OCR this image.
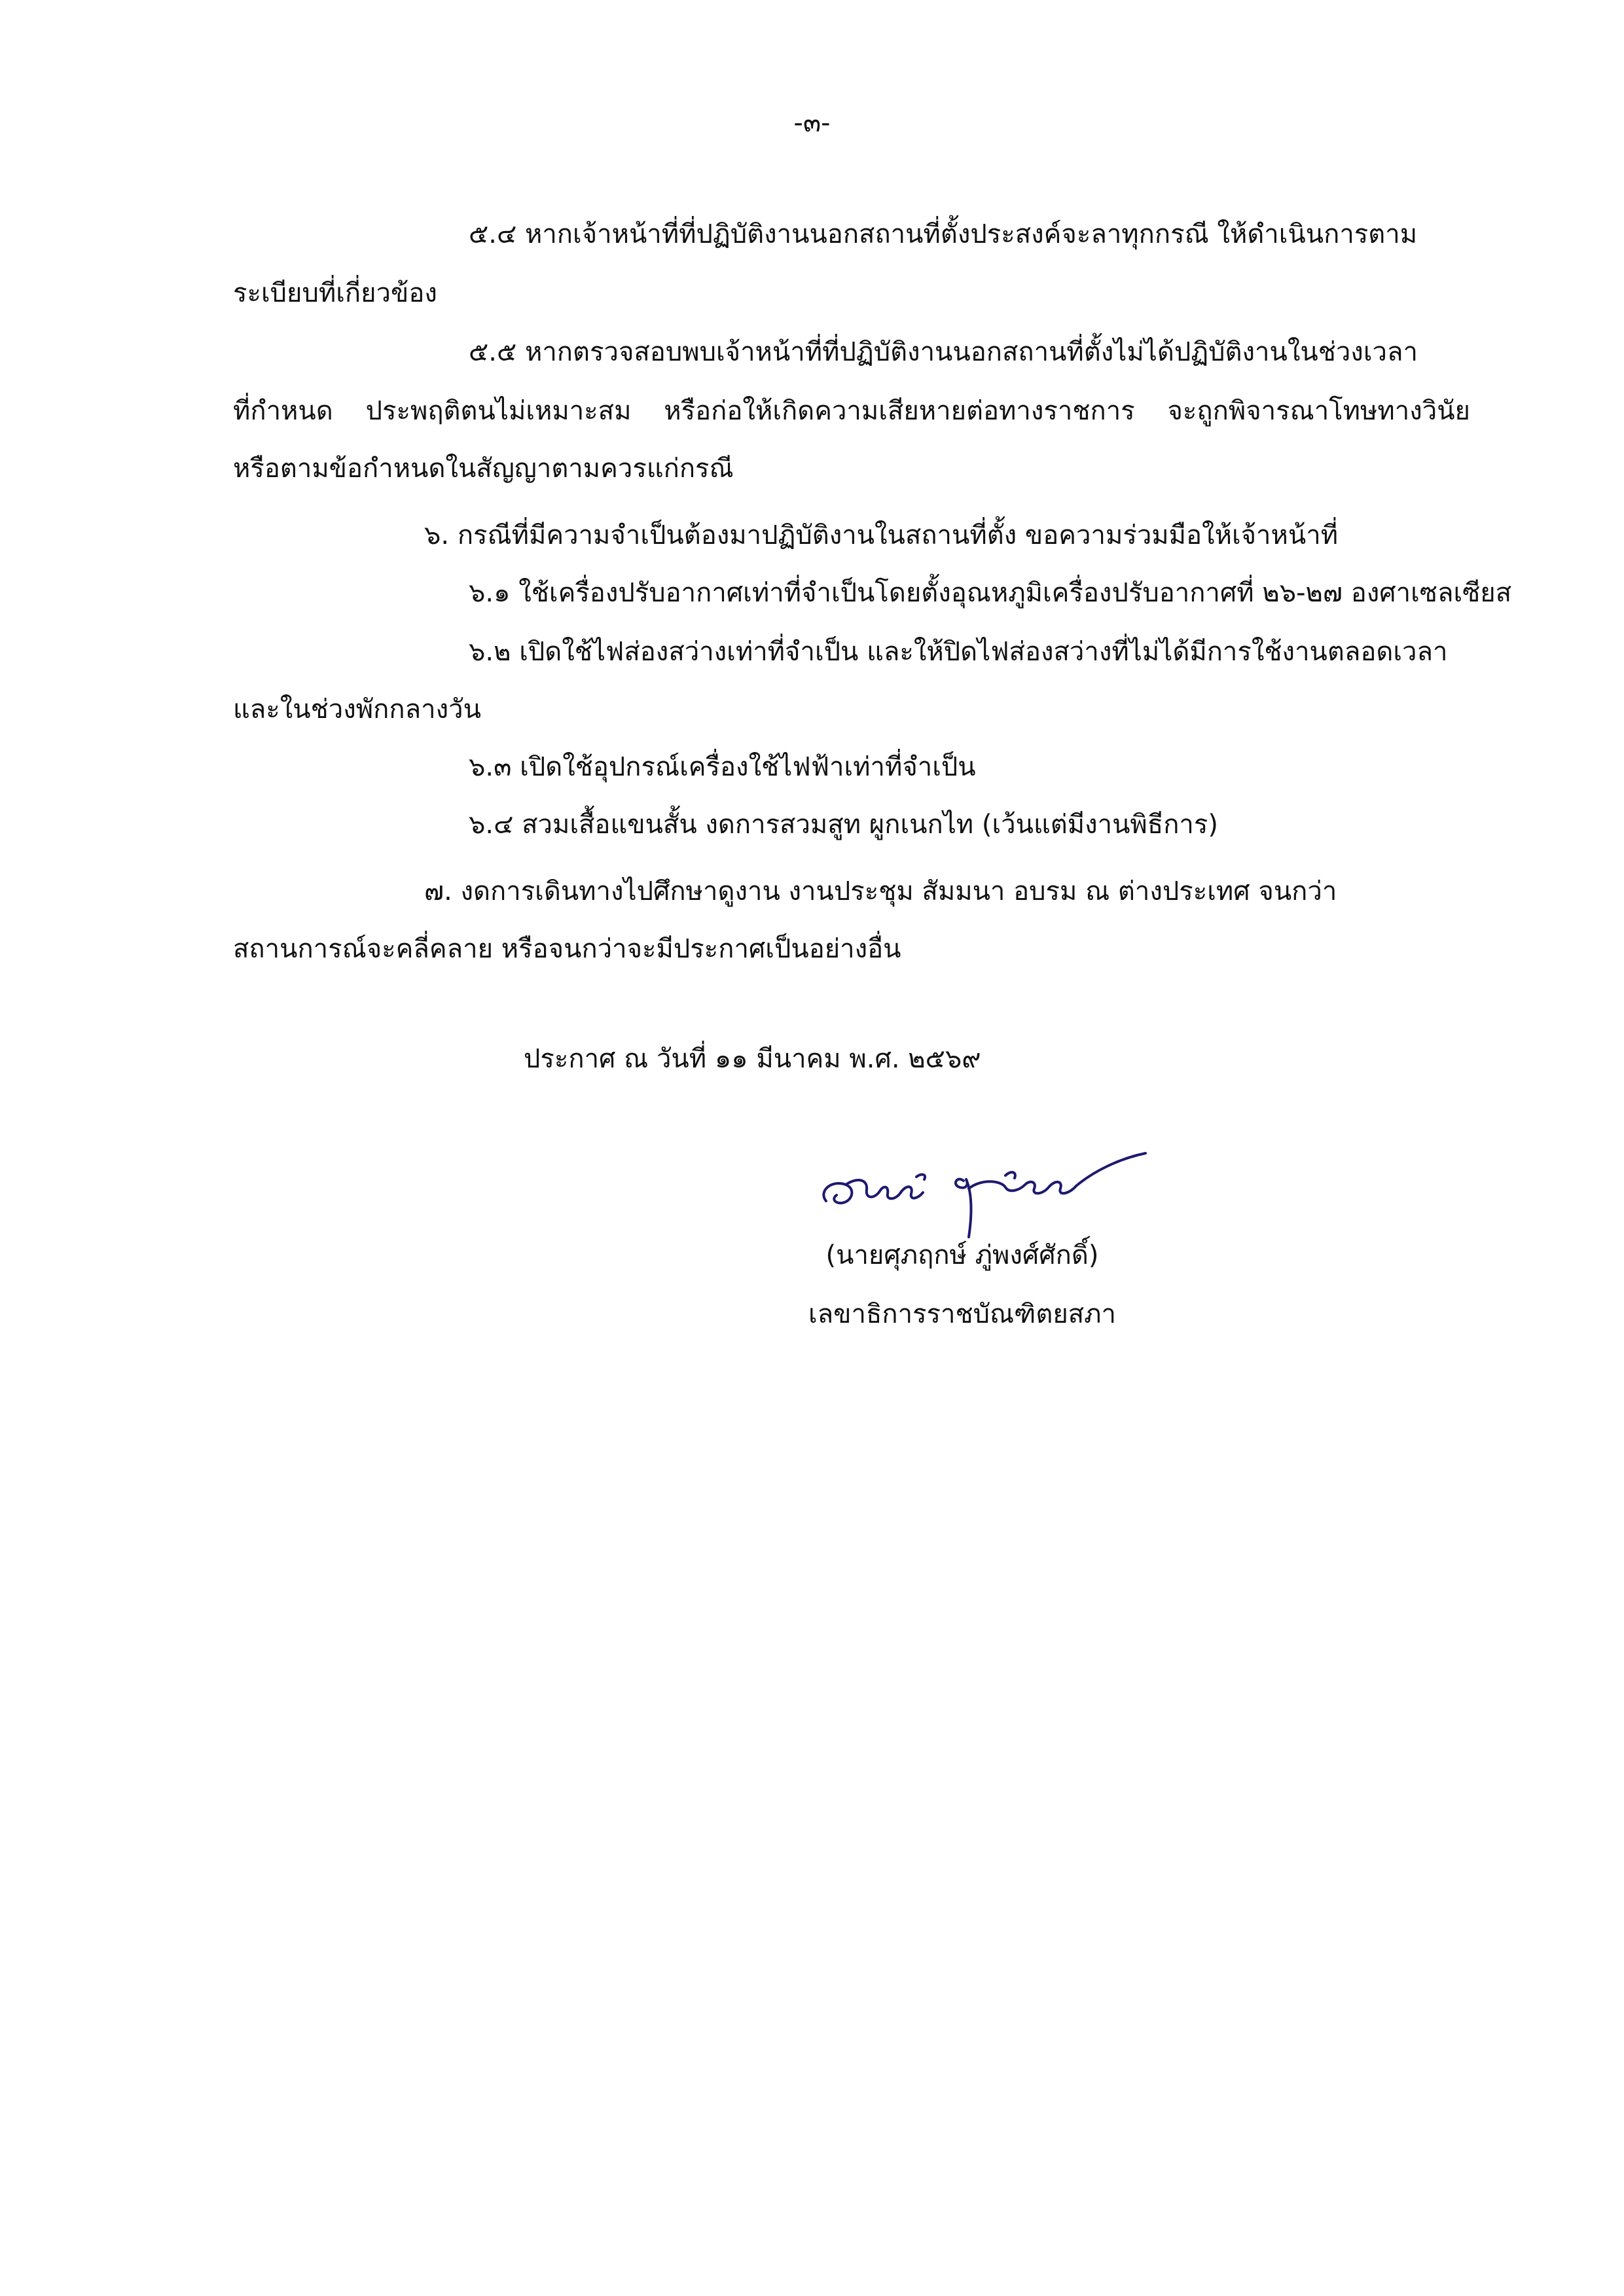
-๓-
๕.๔ หากเจ้าหน้าที่ที่ปฏิบัติงานนอกสถานที่ตั้งประสงค์จะลาทุกกรณี ให้ดำเนินการตาม
ระเบียบที่เกี่ยวข้อง
๕.๕ หากตรวจสอบพบเจ้าหน้าที่ที่ปฏิบัติงานนอกสถานที่ตั้งไม่ได้ปฏิบัติงานในช่วงเวลา
ที่กำหนด ประพฤติตนไม่เหมาะสม หรือก่อให้เกิดความเสียหายต่อทางราชการ จะถูกพิจารณาโทษทางวินัย
หรือตามข้อกำหนดในสัญญาตามควรแก่กรณี
๖. กรณีที่มีความจำเป็นต้องมาปฏิบัติงานในสถานที่ตั้ง ขอความร่วมมือให้เจ้าหน้าที่
๖.๑ ใช้เครื่องปรับอากาศเท่าที่จำเป็นโดยตั้งอุณหภูมิเครื่องปรับอากาศที่ ๒๖-๒๗ องศาเซลเซียส
๖.๒ เปิดใช้ไฟส่องสว่างเท่าที่จำเป็น และให้ปิดไฟส่องสว่างที่ไม่ได้มีการใช้งานตลอดเวลา
และในช่วงพักกลางวัน
๖.๓ เปิดใช้อุปกรณ์เครื่องใช้ไฟฟ้าเท่าที่จำเป็น
๖.๔ สวมเสื้อแขนสั้น งดการสวมสูท ผูกเนกไท (เว้นแต่มีงานพิธีการ)
๗. งดการเดินทางไปศึกษาดูงาน งานประชุม สัมมนา อบรม ณ ต่างประเทศ จนกว่า
สถานการณ์จะคลี่คลาย หรือจนกว่าจะมีประกาศเป็นอย่างอื่น
ประกาศ ณ วันที่ ๑๑ มีนาคม พ.ศ. ๒๕๖๙
(นายศุภฤกษ์ ภู่พงศ์ศักดิ์)
เลขาธิการราชบัณฑิตยสภา
